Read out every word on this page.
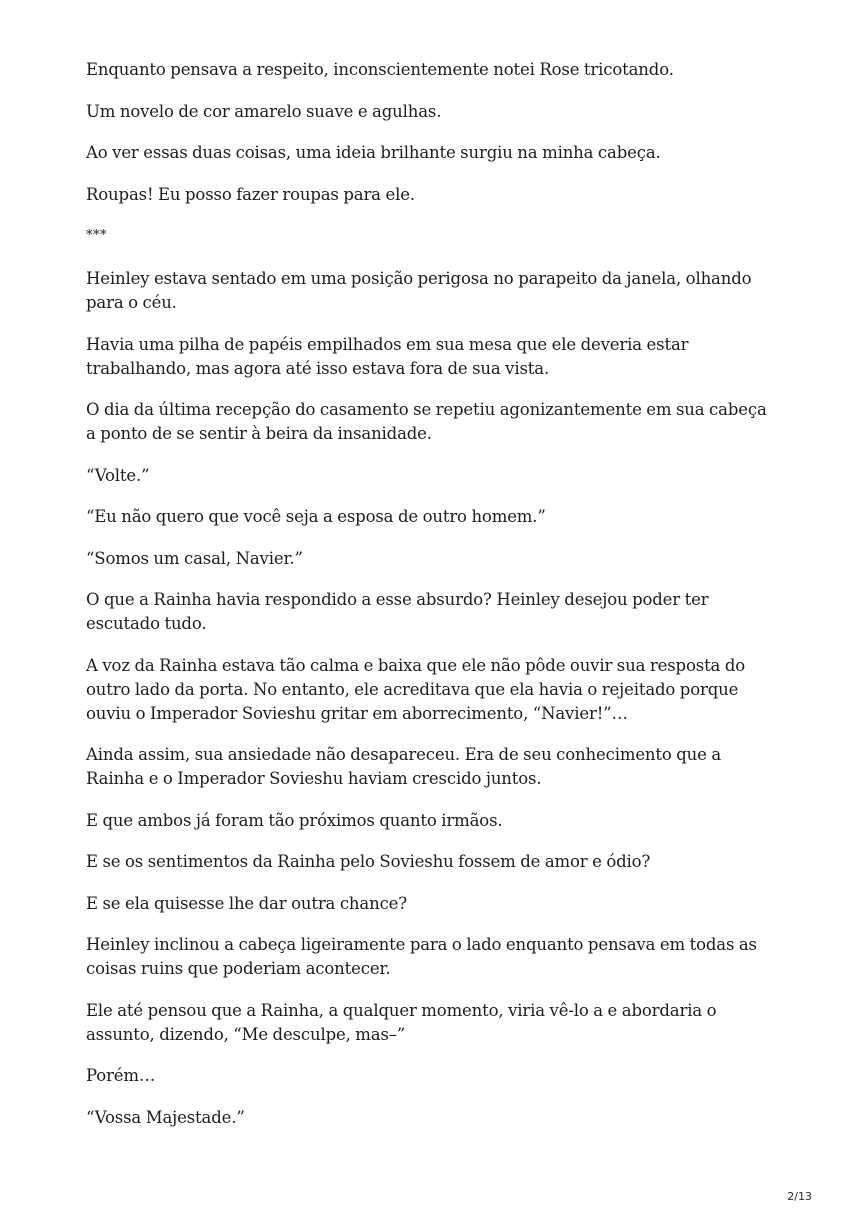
Enquanto pensava a respeito, inconscientemente notei Rose tricotando.

Um novelo de cor amarelo suave e agulhas.

Ao ver essas duas coisas, uma ideia brilhante surgiu na minha cabeça.

Roupas! Eu posso fazer roupas para ele.

***

Heinley estava sentado em uma posição perigosa no parapeito da janela, olhando para o céu.

Havia uma pilha de papéis empilhados em sua mesa que ele deveria estar trabalhando, mas agora até isso estava fora de sua vista.

O dia da última recepção do casamento se repetiu agonizantemente em sua cabeça a ponto de se sentir à beira da insanidade.

“Volte.”

“Eu não quero que você seja a esposa de outro homem.”

“Somos um casal, Navier.”

O que a Rainha havia respondido a esse absurdo? Heinley desejou poder ter escutado tudo.

A voz da Rainha estava tão calma e baixa que ele não pôde ouvir sua resposta do outro lado da porta. No entanto, ele acreditava que ela havia o rejeitado porque ouviu o Imperador Sovieshu gritar em aborrecimento, “Navier!”…

Ainda assim, sua ansiedade não desapareceu. Era de seu conhecimento que a Rainha e o Imperador Sovieshu haviam crescido juntos.

E que ambos já foram tão próximos quanto irmãos.

E se os sentimentos da Rainha pelo Sovieshu fossem de amor e ódio?

E se ela quisesse lhe dar outra chance?

Heinley inclinou a cabeça ligeiramente para o lado enquanto pensava em todas as coisas ruins que poderiam acontecer.

Ele até pensou que a Rainha, a qualquer momento, viria vê-lo a e abordaria o assunto, dizendo, “Me desculpe, mas–”

Porém…

“Vossa Majestade.”

2/13
